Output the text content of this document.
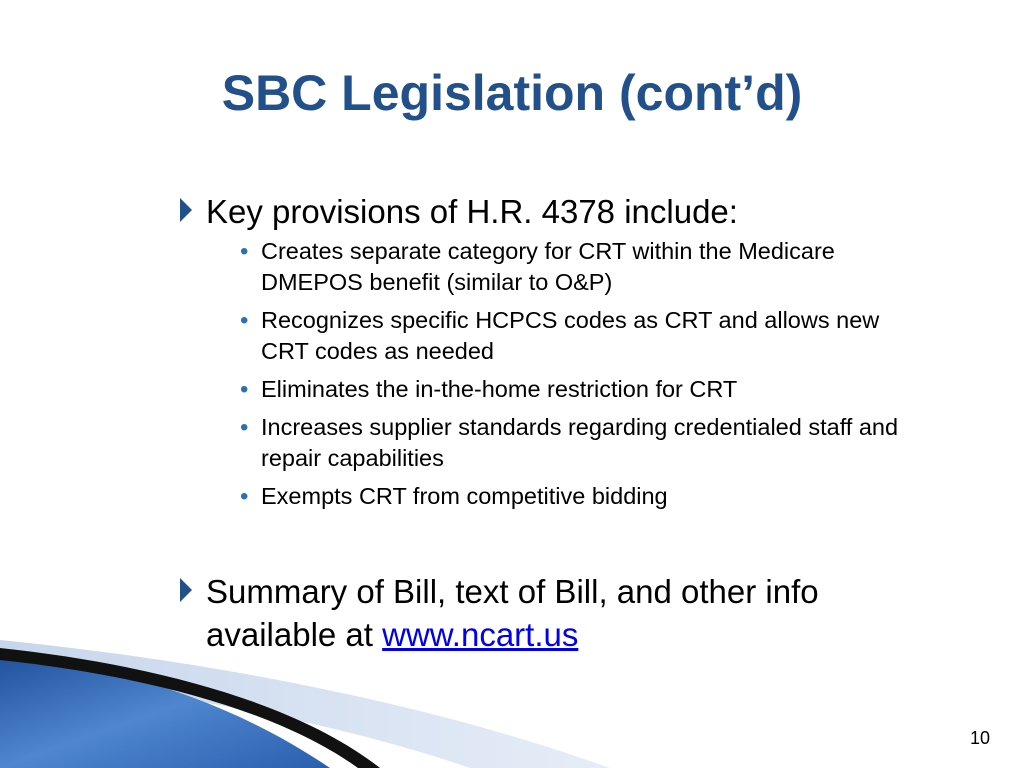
SBC Legislation (cont’d)
Key provisions of H.R. 4378 include:
• Creates separate category for CRT within the Medicare DMEPOS benefit (similar to O&P)
• Recognizes specific HCPCS codes as CRT and allows new CRT codes as needed
• Eliminates the in-the-home restriction for CRT
• Increases supplier standards regarding credentialed staff and repair capabilities
• Exempts CRT from competitive bidding
Summary of Bill, text of Bill, and other info available at www.ncart.us
10
